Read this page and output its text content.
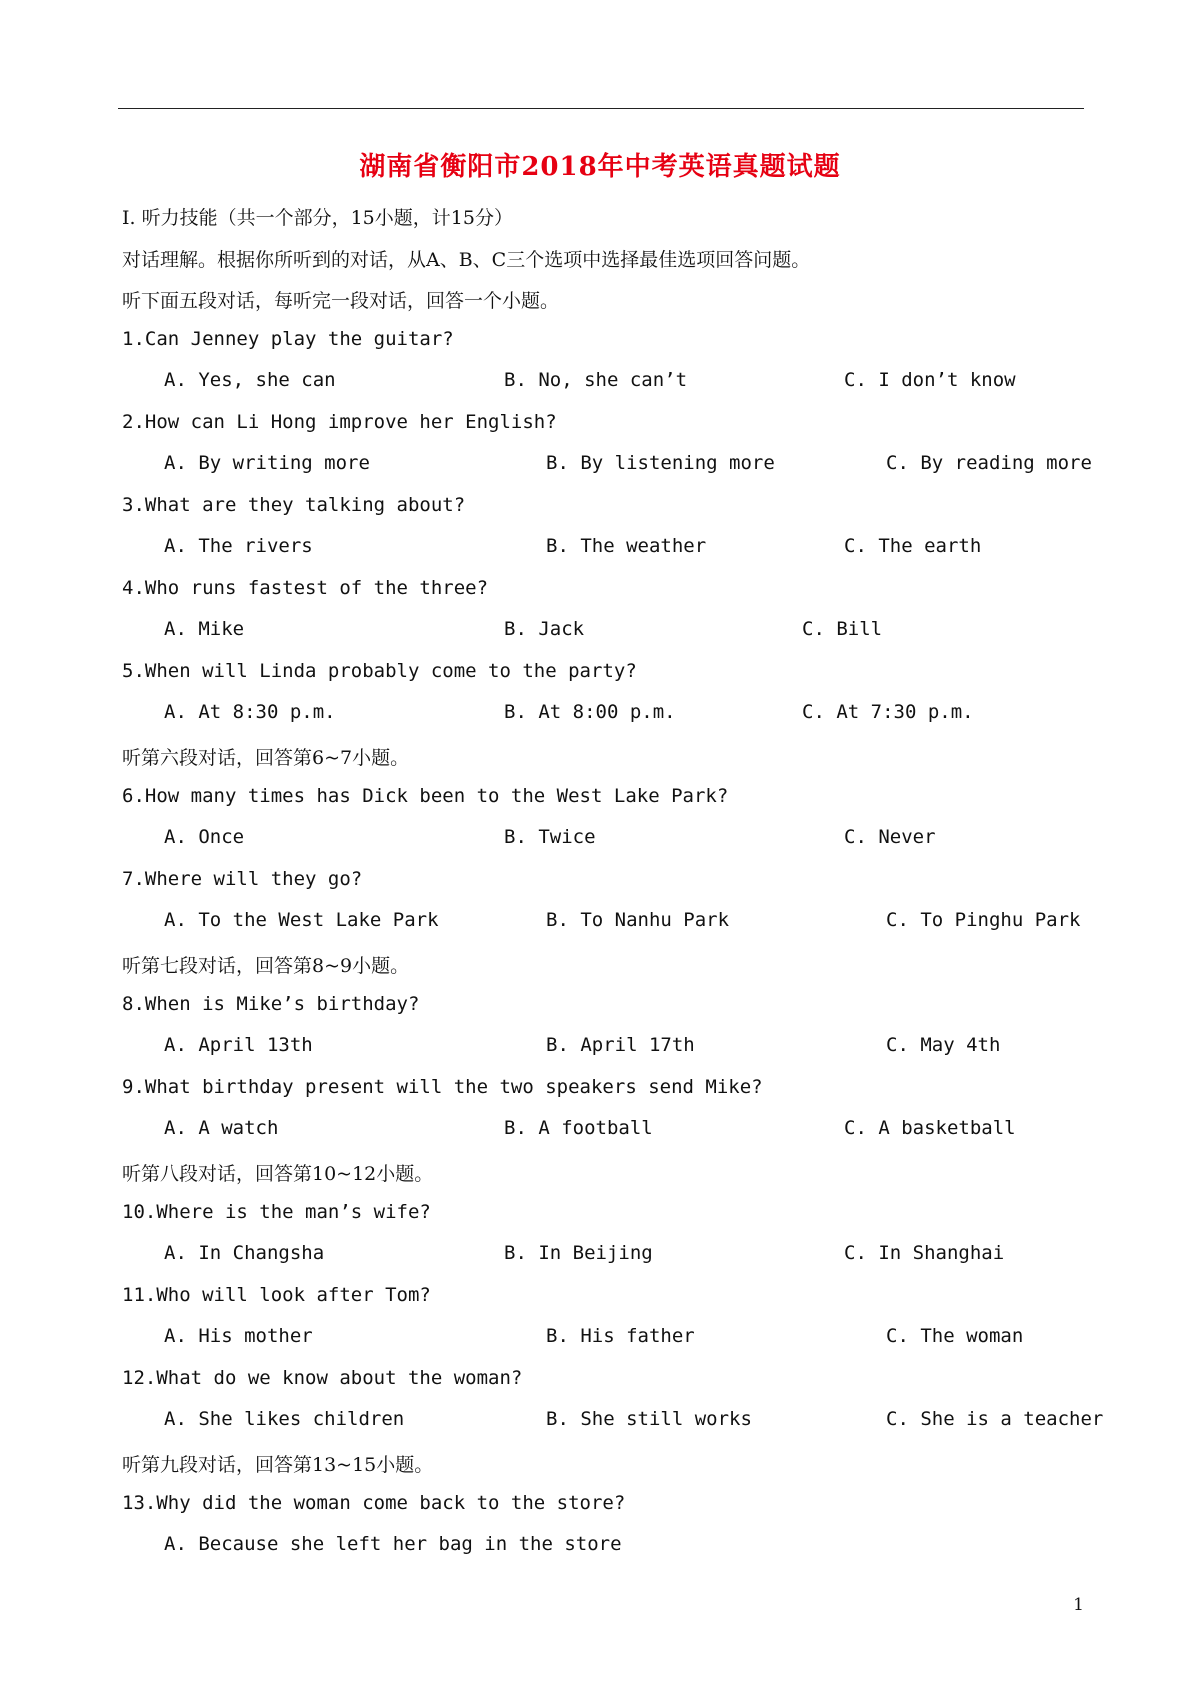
湖南省衡阳市2018年中考英语真题试题
Ⅰ. 听力技能（共一个部分，15小题，计15分）
对话理解。根据你所听到的对话，从A、B、C三个选项中选择最佳选项回答问题。
听下面五段对话，每听完一段对话，回答一个小题。
1.Can Jenney play the guitar?
A. Yes, she can	B. No, she can’t	C. I don’t know
2.How can Li Hong improve her English?
A. By writing more	B. By listening more	C. By reading more
3.What are they talking about?
A. The rivers	B. The weather	C. The earth
4.Who runs fastest of the three?
A. Mike	B. Jack	C. Bill
5.When will Linda probably come to the party?
A. At 8:30 p.m.	B. At 8:00 p.m.	C. At 7:30 p.m.
听第六段对话，回答第6~7小题。
6.How many times has Dick been to the West Lake Park?
A. Once	B. Twice	C. Never
7.Where will they go?
A. To the West Lake Park	B. To Nanhu Park	C. To Pinghu Park
听第七段对话，回答第8~9小题。
8.When is Mike’s birthday?
A. April 13th	B. April 17th	C. May 4th
9.What birthday present will the two speakers send Mike?
A. A watch	B. A football	C. A basketball
听第八段对话，回答第10~12小题。
10.Where is the man’s wife?
A. In Changsha	B. In Beijing	C. In Shanghai
11.Who will look after Tom?
A. His mother	B. His father	C. The woman
12.What do we know about the woman?
A. She likes children	B. She still works	C. She is a teacher
听第九段对话，回答第13~15小题。
13.Why did the woman come back to the store?
A. Because she left her bag in the store
1
